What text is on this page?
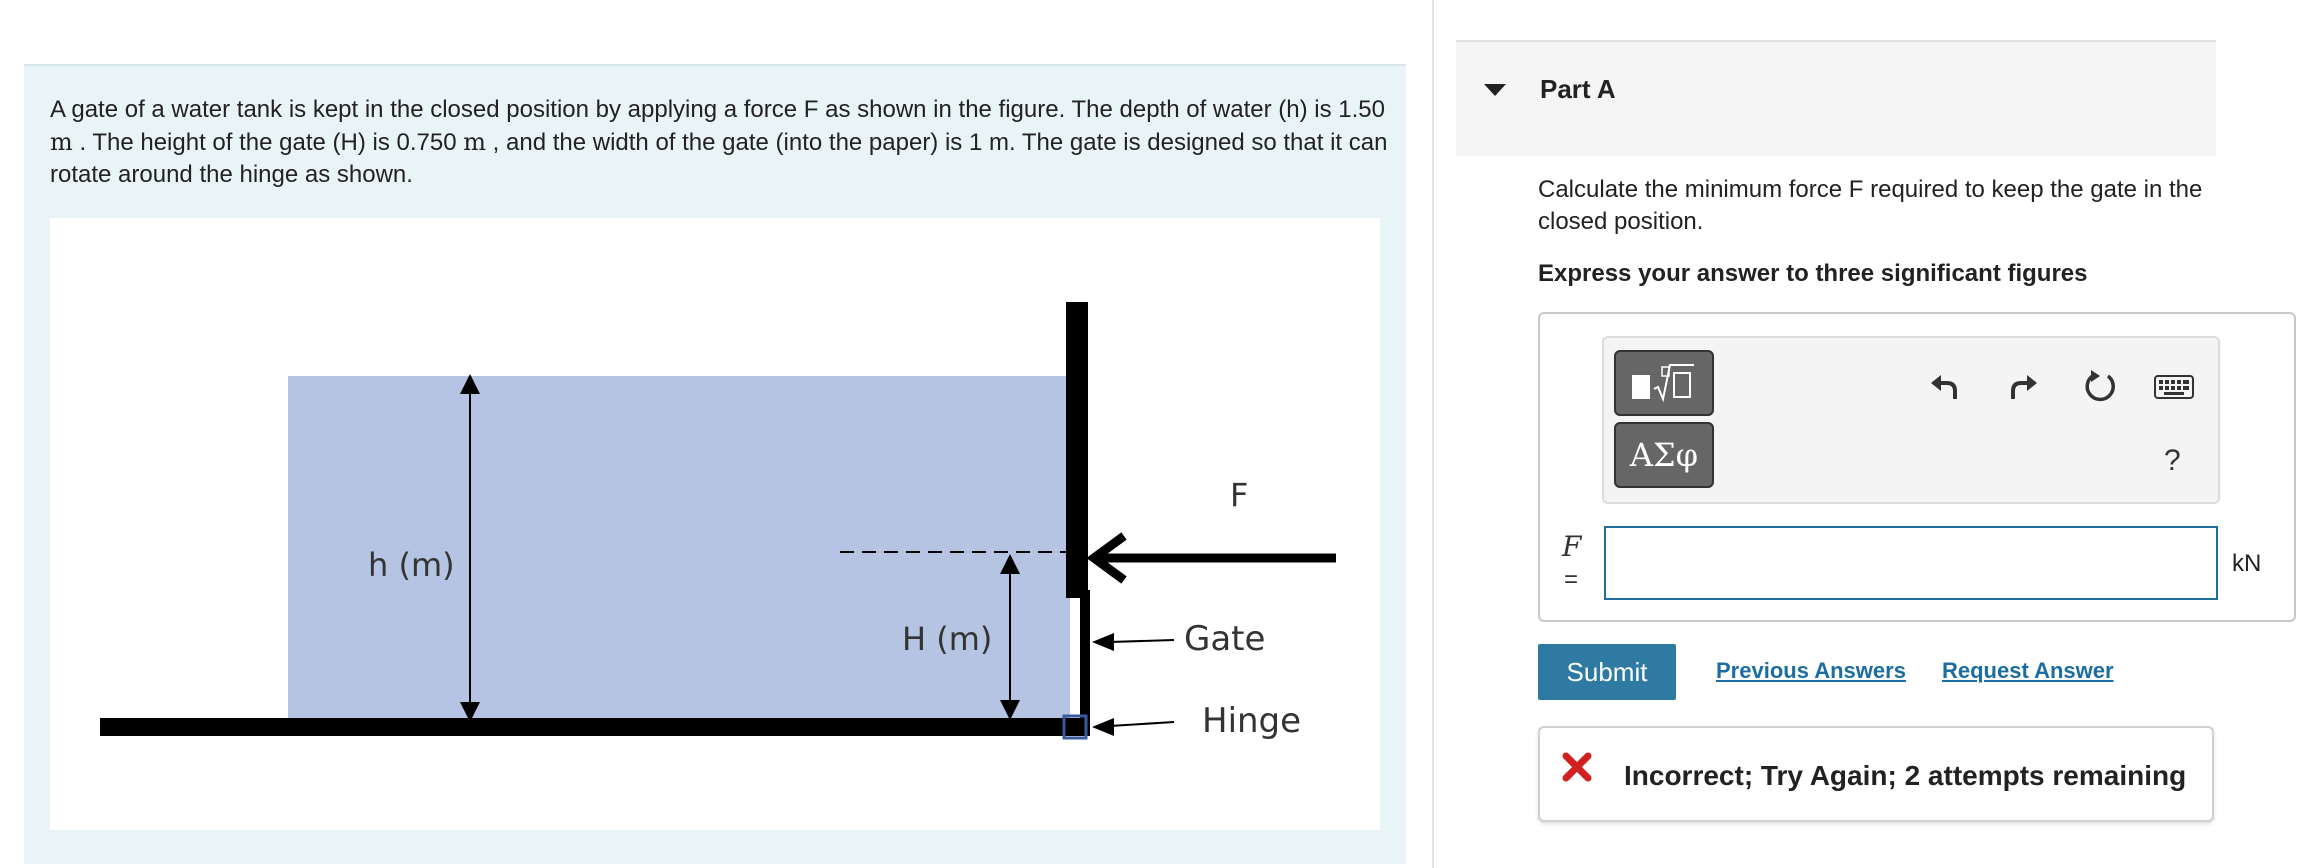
A gate of a water tank is kept in the closed position by applying a force F as shown in the figure. The depth of water (h) is 1.50 m . The height of the gate (H) is 0.750 m , and the width of the gate (into the paper) is 1 m. The gate is designed so that it can rotate around the hinge as shown.
h (m)
H (m)
F
Gate
Hinge
Part A
Calculate the minimum force F required to keep the gate in the closed position.
Express your answer to three significant figures
ΑΣφ	?
F
=
kN
Submit	Previous Answers Request Answer
Incorrect; Try Again; 2 attempts remaining
